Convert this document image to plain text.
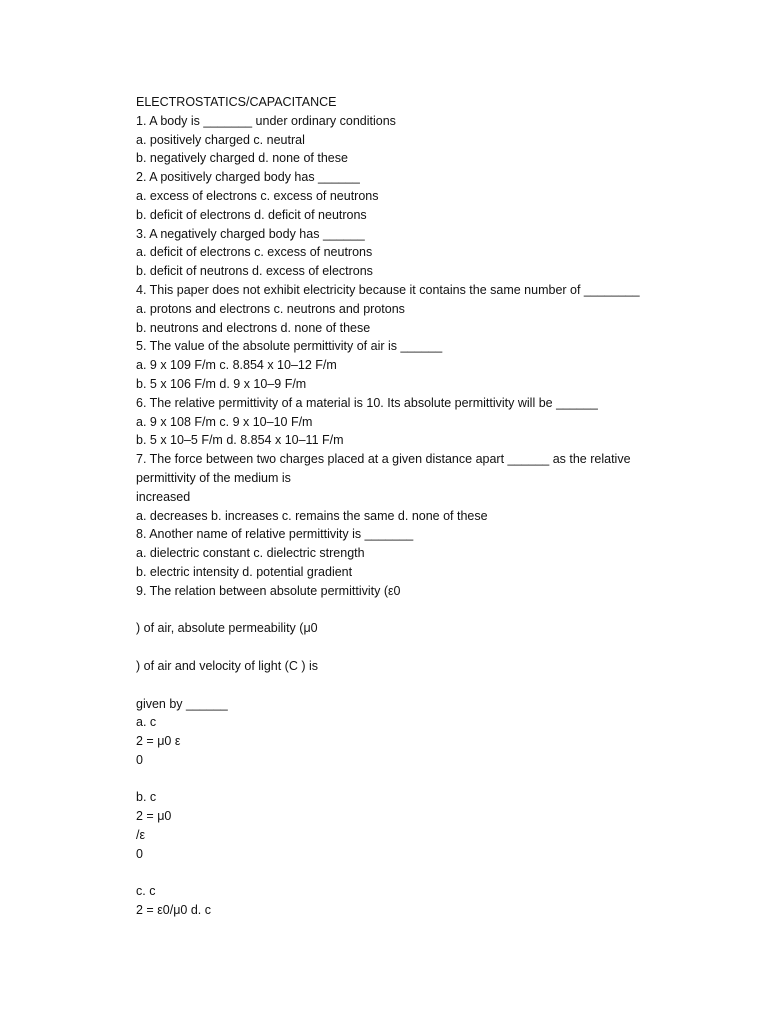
ELECTROSTATICS/CAPACITANCE
1. A body is _______ under ordinary conditions
a. positively charged c. neutral
b. negatively charged d. none of these
2. A positively charged body has ______
a. excess of electrons c. excess of neutrons
b. deficit of electrons d. deficit of neutrons
3. A negatively charged body has ______
a. deficit of electrons c. excess of neutrons
b. deficit of neutrons d. excess of electrons
4. This paper does not exhibit electricity because it contains the same number of ________
a. protons and electrons c. neutrons and protons
b. neutrons and electrons d. none of these
5. The value of the absolute permittivity of air is ______
a. 9 x 109 F/m c. 8.854 x 10–12 F/m
b. 5 x 106 F/m d. 9 x 10–9 F/m
6. The relative permittivity of a material is 10. Its absolute permittivity will be ______
a. 9 x 108 F/m c. 9 x 10–10 F/m
b. 5 x 10–5 F/m d. 8.854 x 10–11 F/m
7. The force between two charges placed at a given distance apart ______ as the relative
permittivity of the medium is
increased
a. decreases b. increases c. remains the same d. none of these
8. Another name of relative permittivity is _______
a. dielectric constant c. dielectric strength
b. electric intensity d. potential gradient
9. The relation between absolute permittivity (ε0
) of air, absolute permeability (μ0
) of air and velocity of light (C ) is
given by ______
a. c
2 = μ0 ε
0
b. c
2 = μ0
/ε
0
c. c
2 = ε0/μ0 d. c
